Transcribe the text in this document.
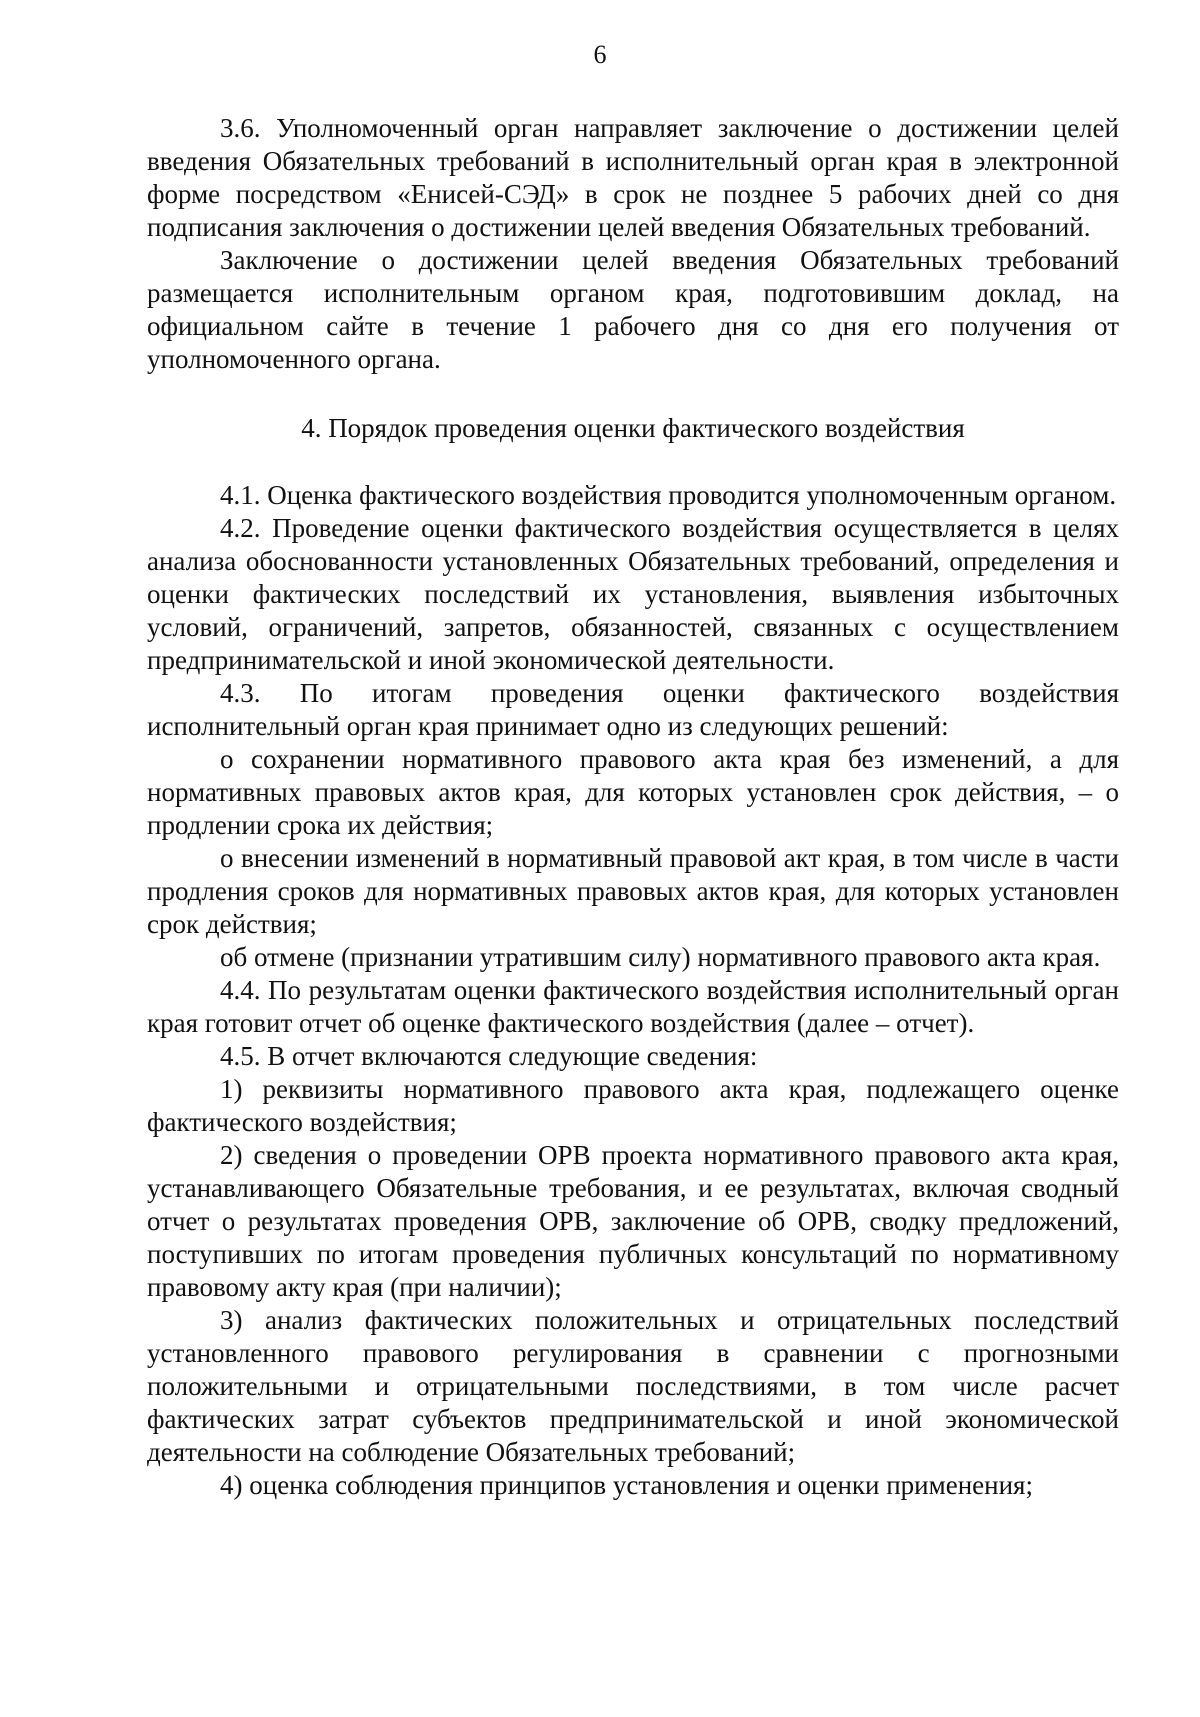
6

3.6. Уполномоченный орган направляет заключение о достижении целей введения Обязательных требований в исполнительный орган края в электронной форме посредством «Енисей-СЭД» в срок не позднее 5 рабочих дней со дня подписания заключения о достижении целей введения Обязательных требований.

Заключение о достижении целей введения Обязательных требований размещается исполнительным органом края, подготовившим доклад, на официальном сайте в течение 1 рабочего дня со дня его получения от уполномоченного органа.

4. Порядок проведения оценки фактического воздействия

4.1. Оценка фактического воздействия проводится уполномоченным органом.

4.2. Проведение оценки фактического воздействия осуществляется в целях анализа обоснованности установленных Обязательных требований, определения и оценки фактических последствий их установления, выявления избыточных условий, ограничений, запретов, обязанностей, связанных с осуществлением предпринимательской и иной экономической деятельности.

4.3. По итогам проведения оценки фактического воздействия исполнительный орган края принимает одно из следующих решений:

о сохранении нормативного правового акта края без изменений, а для нормативных правовых актов края, для которых установлен срок действия, – о продлении срока их действия;

о внесении изменений в нормативный правовой акт края, в том числе в части продления сроков для нормативных правовых актов края, для которых установлен срок действия;

об отмене (признании утратившим силу) нормативного правового акта края.

4.4. По результатам оценки фактического воздействия исполнительный орган края готовит отчет об оценке фактического воздействия (далее – отчет).

4.5. В отчет включаются следующие сведения:

1) реквизиты нормативного правового акта края, подлежащего оценке фактического воздействия;

2) сведения о проведении ОРВ проекта нормативного правового акта края, устанавливающего Обязательные требования, и ее результатах, включая сводный отчет о результатах проведения ОРВ, заключение об ОРВ, сводку предложений, поступивших по итогам проведения публичных консультаций по нормативному правовому акту края (при наличии);

3) анализ фактических положительных и отрицательных последствий установленного правового регулирования в сравнении с прогнозными положительными и отрицательными последствиями, в том числе расчет фактических затрат субъектов предпринимательской и иной экономической деятельности на соблюдение Обязательных требований;

4) оценка соблюдения принципов установления и оценки применения;
